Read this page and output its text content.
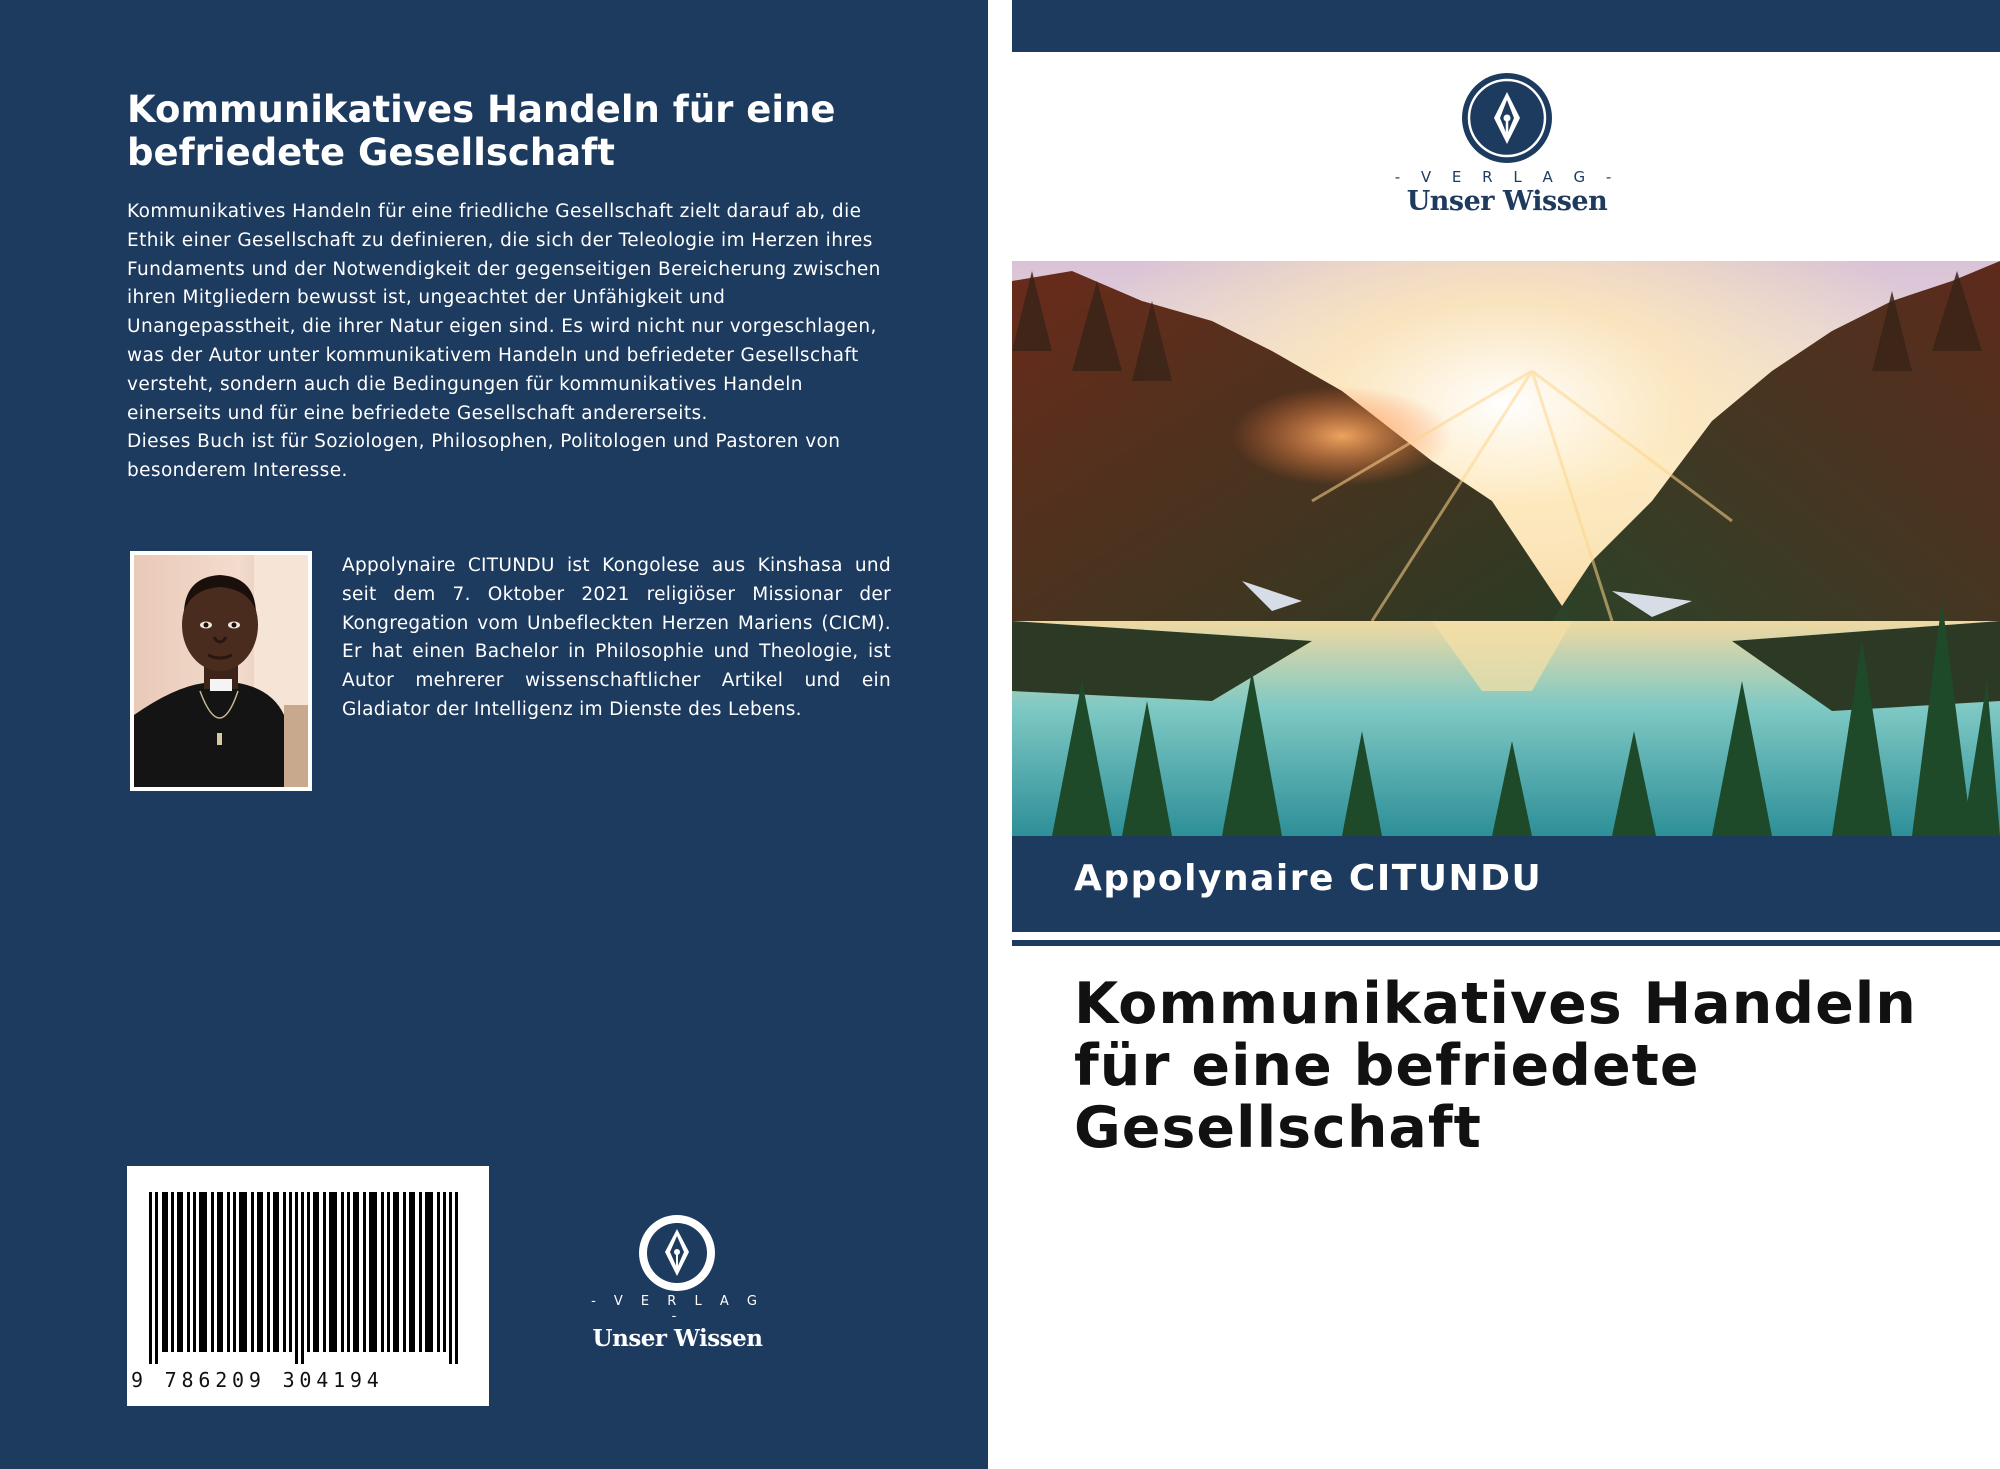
Kommunikatives Handeln für eine befriedete Gesellschaft

Kommunikatives Handeln für eine friedliche Gesellschaft zielt darauf ab, die Ethik einer Gesellschaft zu definieren, die sich der Teleologie im Herzen ihres Fundaments und der Notwendigkeit der gegenseitigen Bereicherung zwischen ihren Mitgliedern bewusst ist, ungeachtet der Unfähigkeit und Unangepasstheit, die ihrer Natur eigen sind. Es wird nicht nur vorgeschlagen, was der Autor unter kommunikativem Handeln und befriedeter Gesellschaft versteht, sondern auch die Bedingungen für kommunikatives Handeln einerseits und für eine befriedete Gesellschaft andererseits.

Dieses Buch ist für Soziologen, Philosophen, Politologen und Pastoren von besonderem Interesse.

Appolynaire CITUNDU ist Kongolese aus Kinshasa und seit dem 7. Oktober 2021 religiöser Missionar der Kongregation vom Unbefleckten Herzen Mariens (CICM). Er hat einen Bachelor in Philosophie und Theologie, ist Autor mehrerer wissenschaftlicher Artikel und ein Gladiator der Intelligenz im Dienste des Lebens.
9 786209 304194
- V E R L A G -
Unser Wissen
- V E R L A G -
Unser Wissen
Appolynaire CITUNDU
Kommunikatives Handeln
für eine befriedete
Gesellschaft
